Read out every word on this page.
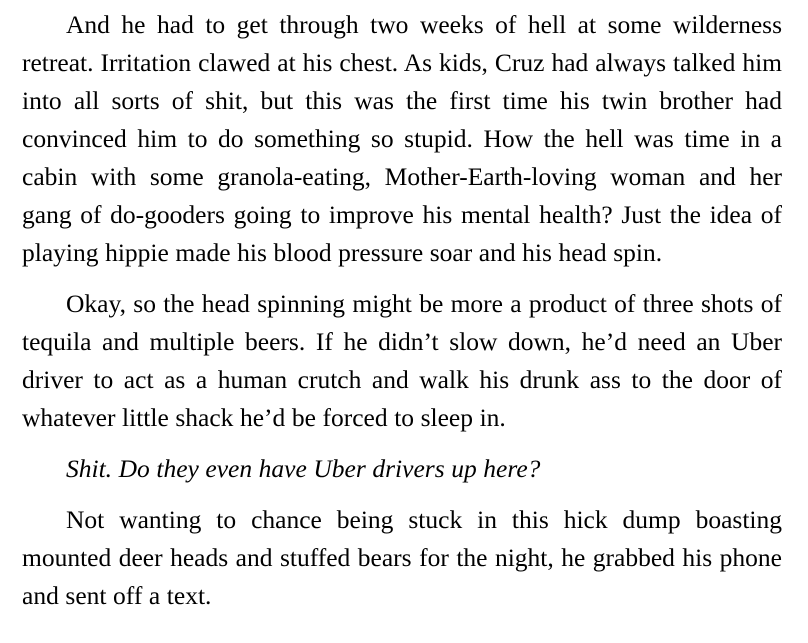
And he had to get through two weeks of hell at some wilderness retreat. Irritation clawed at his chest. As kids, Cruz had always talked him into all sorts of shit, but this was the first time his twin brother had convinced him to do something so stupid. How the hell was time in a cabin with some granola-eating, Mother-Earth-loving woman and her gang of do-gooders going to improve his mental health? Just the idea of playing hippie made his blood pressure soar and his head spin.

Okay, so the head spinning might be more a product of three shots of tequila and multiple beers. If he didn’t slow down, he’d need an Uber driver to act as a human crutch and walk his drunk ass to the door of whatever little shack he’d be forced to sleep in.

Shit. Do they even have Uber drivers up here?

Not wanting to chance being stuck in this hick dump boasting mounted deer heads and stuffed bears for the night, he grabbed his phone and sent off a text.
